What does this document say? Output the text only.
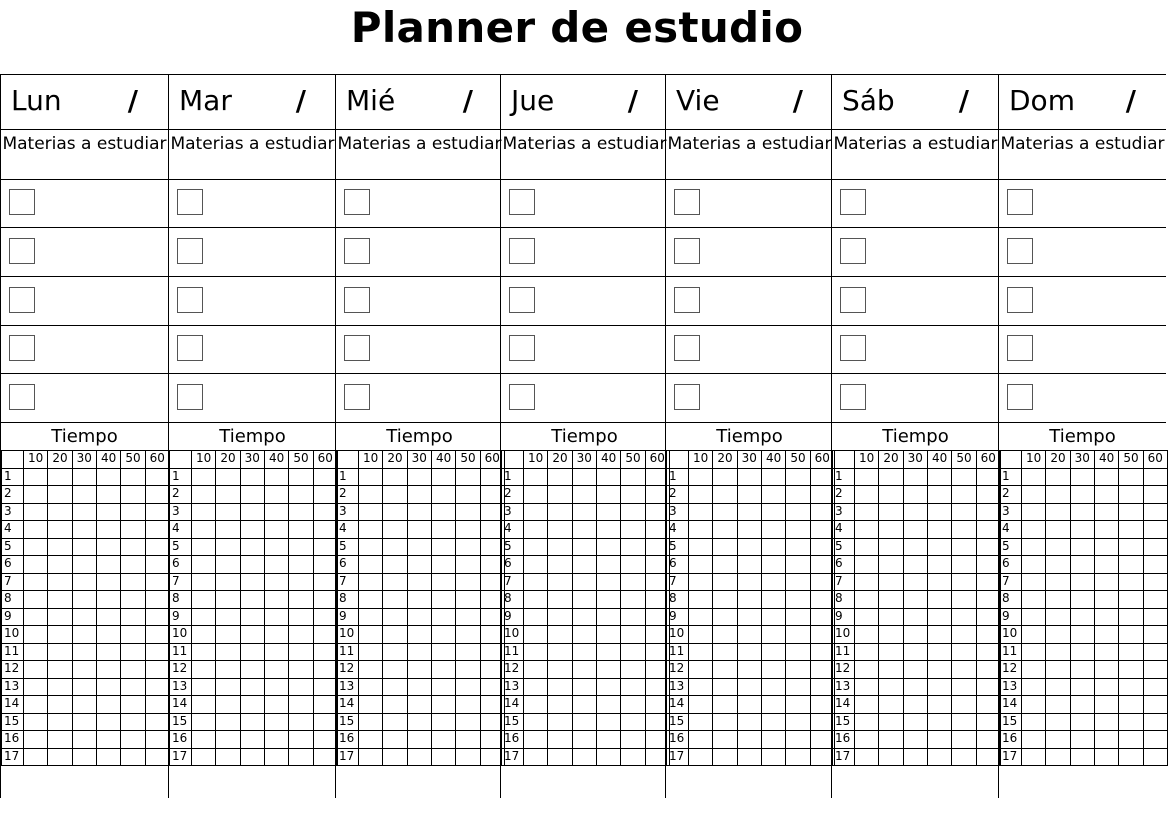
Planner de estudio
Lun /
Materias a estudiar
Tiempo
	10	20	30	40	50	60
1						
2						
3						
4						
5						
6						
7						
8						
9						
10						
11						
12						
13						
14						
15						
16						
17						
Mar /
Materias a estudiar
Tiempo
	10	20	30	40	50	60
1						
2						
3						
4						
5						
6						
7						
8						
9						
10						
11						
12						
13						
14						
15						
16						
17						
Mié /
Materias a estudiar
Tiempo
	10	20	30	40	50	60
1						
2						
3						
4						
5						
6						
7						
8						
9						
10						
11						
12						
13						
14						
15						
16						
17						
Jue	/
Materias a estudiar
Tiempo
	10	20	30	40	50	60
1						
2						
3						
4						
5						
6						
7						
8						
9						
10						
11						
12						
13						
14						
15						
16						
17						
Vie	/
Materias a estudiar
Tiempo
	10	20	30	40	50	60
1						
2						
3						
4						
5						
6						
7						
8						
9						
10						
11						
12						
13						
14						
15						
16						
17						
Sáb /
Materias a estudiar
Tiempo
	10	20	30	40	50	60
1						
2						
3						
4						
5						
6						
7						
8						
9						
10						
11						
12						
13						
14						
15						
16						
17						
Dom /
Materias a estudiar
Tiempo
	10	20	30	40	50	60
1						
2						
3						
4						
5						
6						
7						
8						
9						
10						
11						
12						
13						
14						
15						
16						
17						
